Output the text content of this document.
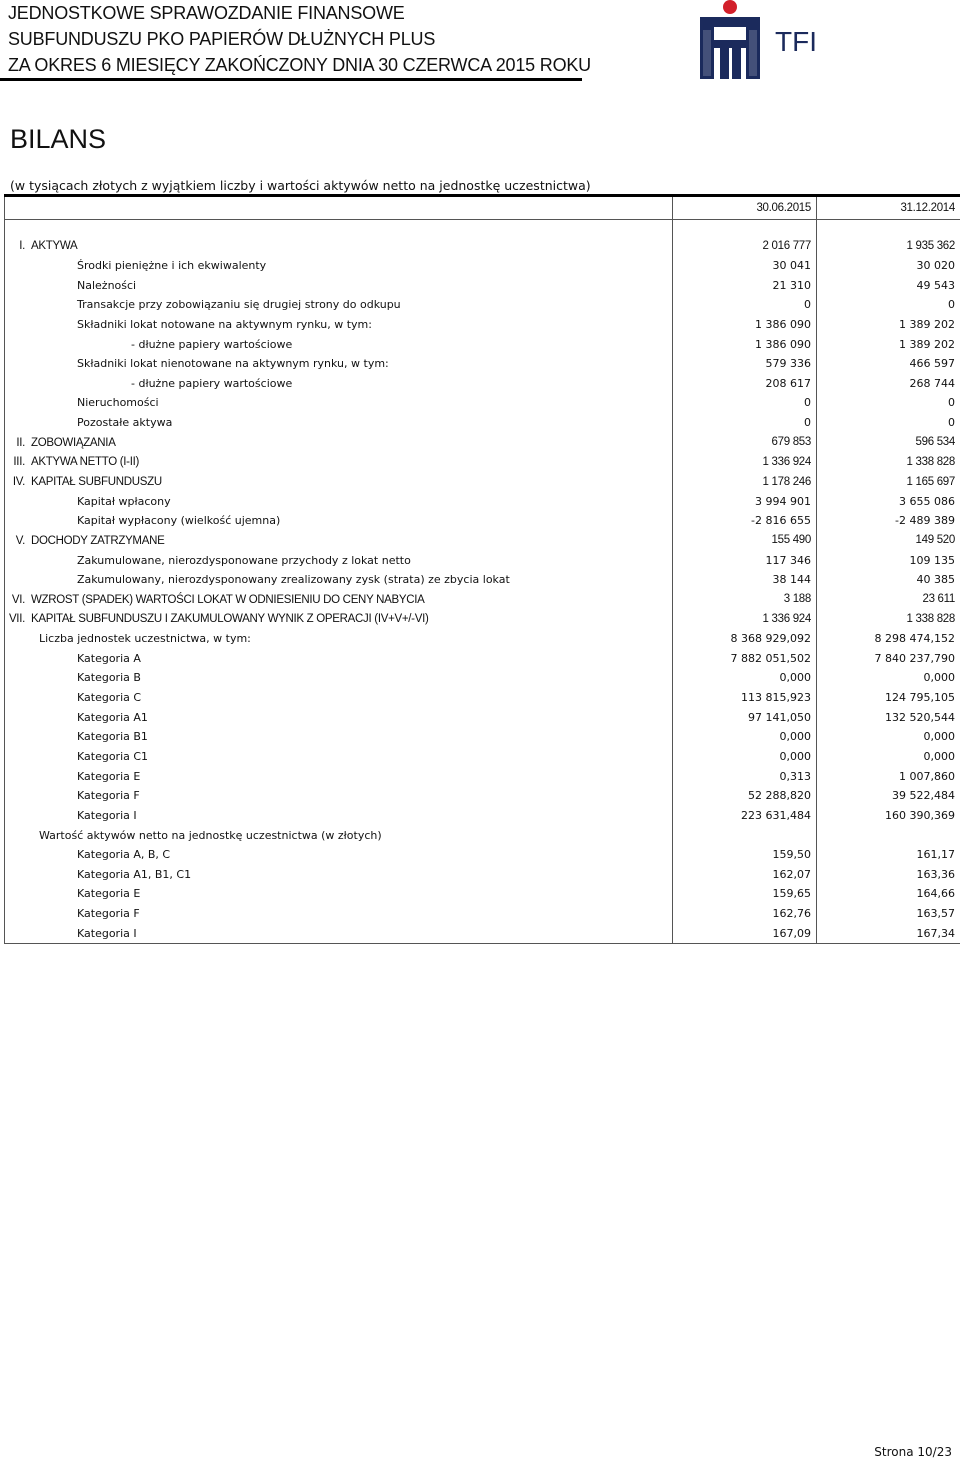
JEDNOSTKOWE SPRAWOZDANIE FINANSOWE
SUBFUNDUSZU PKO PAPIERÓW DŁUŻNYCH PLUS
ZA OKRES 6 MIESIĘCY ZAKOŃCZONY DNIA 30 CZERWCA 2015 ROKU
TFI
BILANS
(w tysiącach złotych z wyjątkiem liczby i wartości aktywów netto na jednostkę uczestnictwa)
	30.06.2015	31.12.2014

I. AKTYWA	2 016 777	1 935 362
Środki pieniężne i ich ekwiwalenty	30 041	30 020
Należności	21 310	49 543
Transakcje przy zobowiązaniu się drugiej strony do odkupu	0	0
Składniki lokat notowane na aktywnym rynku, w tym:	1 386 090	1 389 202
- dłużne papiery wartościowe	1 386 090	1 389 202
Składniki lokat nienotowane na aktywnym rynku, w tym:	579 336	466 597
- dłużne papiery wartościowe	208 617	268 744
Nieruchomości	0	0
Pozostałe aktywa	0	0
II. ZOBOWIĄZANIA	679 853	596 534
III. AKTYWA NETTO (I-II)	1 336 924	1 338 828
IV. KAPITAŁ SUBFUNDUSZU	1 178 246	1 165 697
Kapitał wpłacony	3 994 901	3 655 086
Kapitał wypłacony (wielkość ujemna)	-2 816 655	-2 489 389
V. DOCHODY ZATRZYMANE	155 490	149 520
Zakumulowane, nierozdysponowane przychody z lokat netto	117 346	109 135
Zakumulowany, nierozdysponowany zrealizowany zysk (strata) ze zbycia lokat	38 144	40 385
VI. WZROST (SPADEK) WARTOŚCI LOKAT W ODNIESIENIU DO CENY NABYCIA	3 188	23 611
VII. KAPITAŁ SUBFUNDUSZU I ZAKUMULOWANY WYNIK Z OPERACJI (IV+V+/-VI)	1 336 924	1 338 828
Liczba jednostek uczestnictwa, w tym:	8 368 929,092	8 298 474,152
Kategoria A	7 882 051,502	7 840 237,790
Kategoria B	0,000	0,000
Kategoria C	113 815,923	124 795,105
Kategoria A1	97 141,050	132 520,544
Kategoria B1	0,000	0,000
Kategoria C1	0,000	0,000
Kategoria E	0,313	1 007,860
Kategoria F	52 288,820	39 522,484
Kategoria I	223 631,484	160 390,369
Wartość aktywów netto na jednostkę uczestnictwa (w złotych)		
Kategoria A, B, C	159,50	161,17
Kategoria A1, B1, C1	162,07	163,36
Kategoria E	159,65	164,66
Kategoria F	162,76	163,57
Kategoria I	167,09	167,34
Strona 10/23
